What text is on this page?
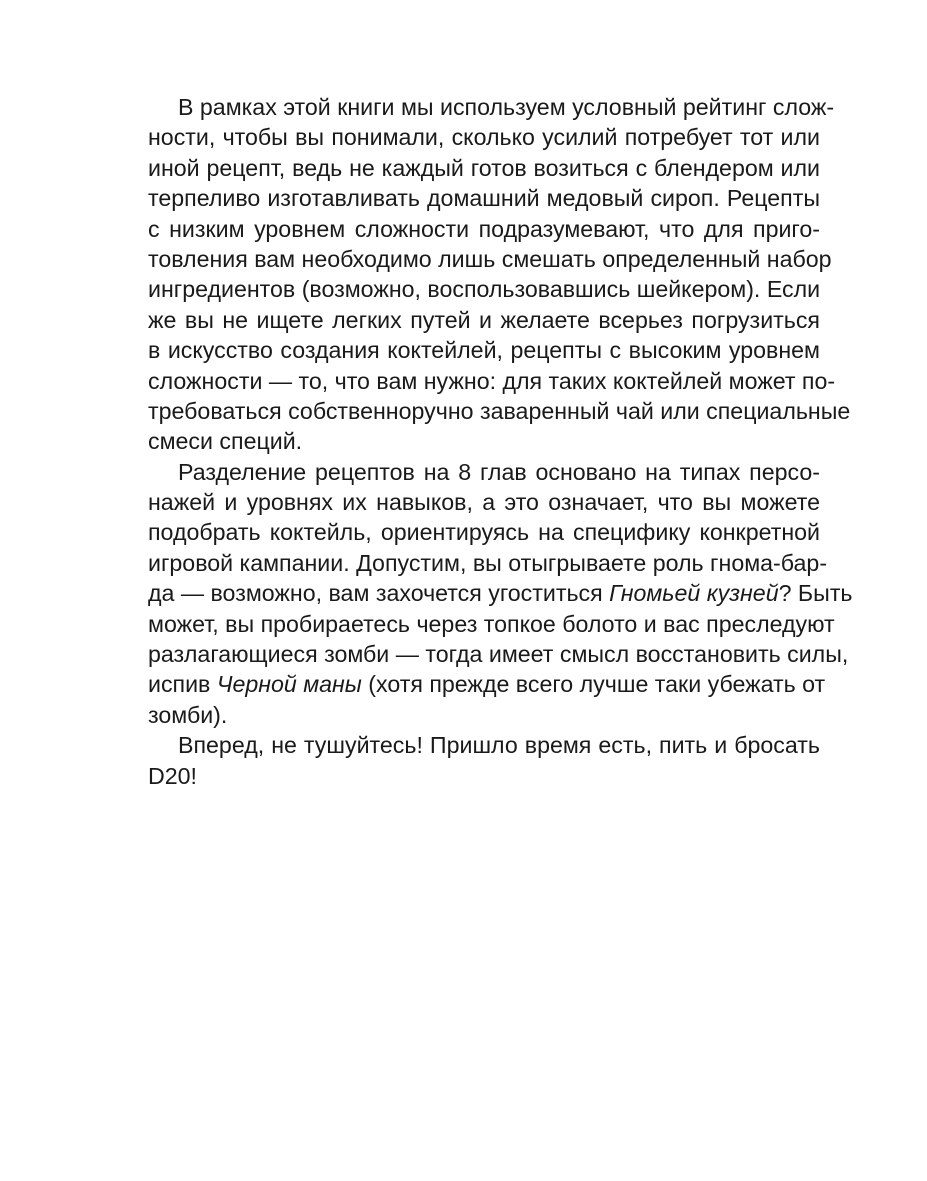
В рамках этой книги мы используем условный рейтинг слож-
ности, чтобы вы понимали, сколько усилий потребует тот или
иной рецепт, ведь не каждый готов возиться с блендером или
терпеливо изготавливать домашний медовый сироп. Рецепты
с низким уровнем сложности подразумевают, что для приго-
товления вам необходимо лишь смешать определенный набор
ингредиентов (возможно, воспользовавшись шейкером). Если
же вы не ищете легких путей и желаете всерьез погрузиться
в искусство создания коктейлей, рецепты с высоким уровнем
сложности — то, что вам нужно: для таких коктейлей может по-
требоваться собственноручно заваренный чай или специальные
смеси специй.
Разделение рецептов на 8 глав основано на типах персо-
нажей и уровнях их навыков, а это означает, что вы можете
подобрать коктейль, ориентируясь на специфику конкретной
игровой кампании. Допустим, вы отыгрываете роль гнома-бар-
да — возможно, вам захочется угоститься Гномьей кузней? Быть
может, вы пробираетесь через топкое болото и вас преследуют
разлагающиеся зомби — тогда имеет смысл восстановить силы,
испив Черной маны (хотя прежде всего лучше таки убежать от
зомби).
Вперед, не тушуйтесь! Пришло время есть, пить и бросать
D20!
